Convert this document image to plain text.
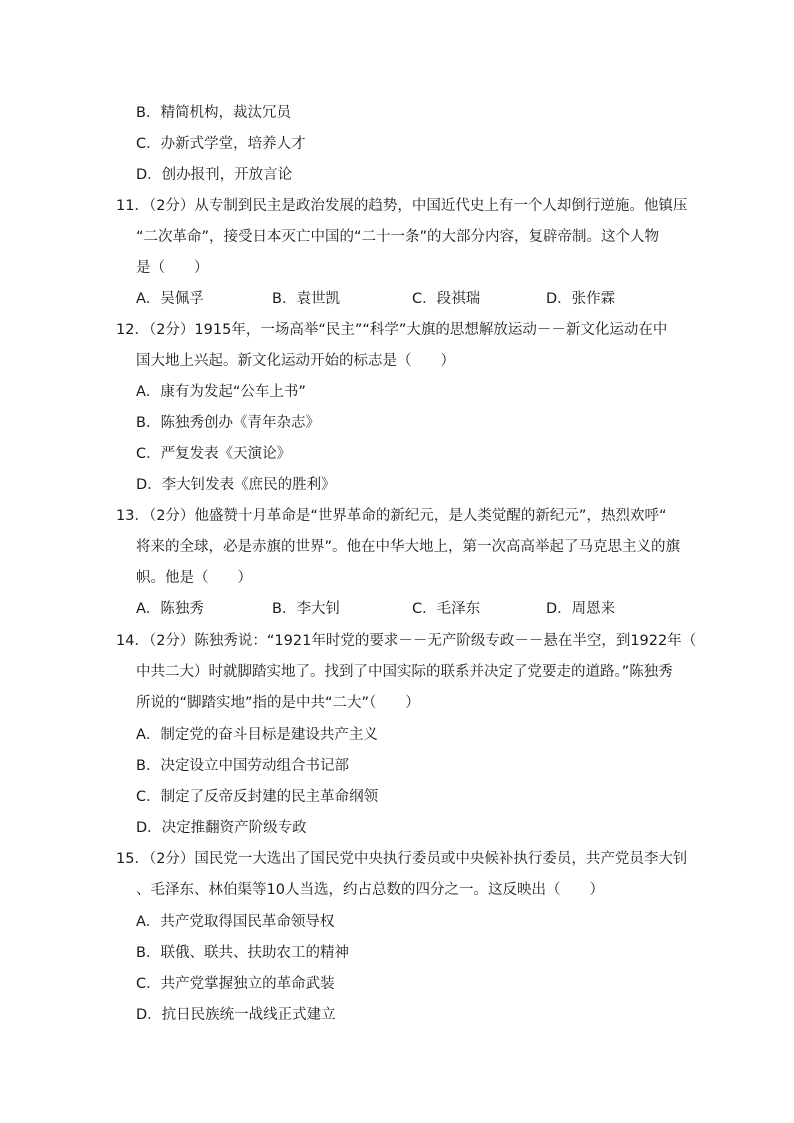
B．精简机构，裁汰冗员
C．办新式学堂，培养人才
D．创办报刊，开放言论
11．（2分）从专制到民主是政治发展的趋势，中国近代史上有一个人却倒行逆施。他镇压
“二次革命”，接受日本灭亡中国的“二十一条”的大部分内容，复辟帝制。这个人物
是（　　）
A．吴佩孚	B．袁世凯	C．段祺瑞	D．张作霖
12．（2分）1915年，一场高举“民主”“科学”大旗的思想解放运动－－新文化运动在中
国大地上兴起。新文化运动开始的标志是（　　）
A．康有为发起“公车上书”
B．陈独秀创办《青年杂志》
C．严复发表《天演论》
D．李大钊发表《庶民的胜利》
13．（2分）他盛赞十月革命是“世界革命的新纪元，是人类觉醒的新纪元”，热烈欢呼“
将来的全球，必是赤旗的世界”。他在中华大地上，第一次高高举起了马克思主义的旗
帜。他是（　　）
A．陈独秀	B．李大钊	C．毛泽东	D．周恩来
14．（2分）陈独秀说：“1921年时党的要求－－无产阶级专政－－悬在半空，到1922年（
中共二大）时就脚踏实地了。找到了中国实际的联系并决定了党要走的道路。”陈独秀
所说的“脚踏实地”指的是中共“二大”（　　）
A．制定党的奋斗目标是建设共产主义
B．决定设立中国劳动组合书记部
C．制定了反帝反封建的民主革命纲领
D．决定推翻资产阶级专政
15．（2分）国民党一大选出了国民党中央执行委员或中央候补执行委员，共产党员李大钊
、毛泽东、林伯渠等10人当选，约占总数的四分之一。这反映出（　　）
A．共产党取得国民革命领导权
B．联俄、联共、扶助农工的精神
C．共产党掌握独立的革命武装
D．抗日民族统一战线正式建立
